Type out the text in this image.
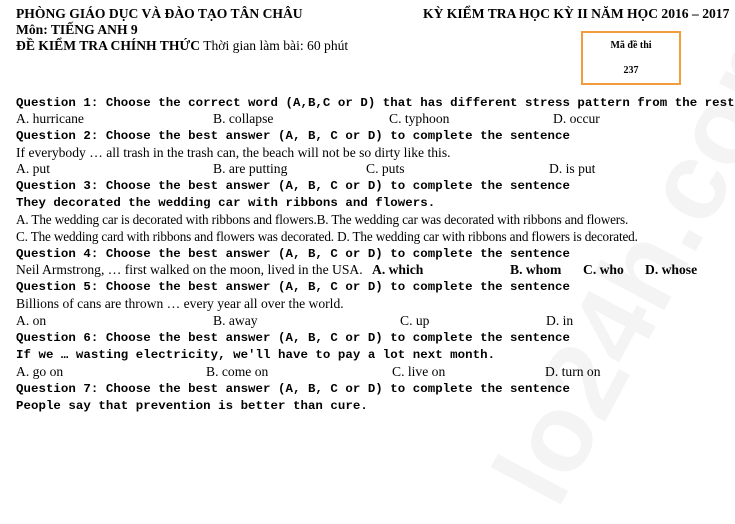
PHÒNG GIÁO DỤC VÀ ĐÀO TẠO TÂN CHÂU	KỲ KIỂM TRA HỌC KỲ II NĂM HỌC 2016 – 2017
Môn: TIẾNG ANH 9
ĐỀ KIỂM TRA CHÍNH THỨC Thời gian làm bài: 60 phút	Mã đề thi
237
Question 1: Choose the correct word (A,B,C or D) that has different stress pattern from the rest
A. hurricane	B. collapse	C. typhoon	D. occur
Question 2: Choose the best answer (A, B, C or D) to complete the sentence
If everybody … all trash in the trash can, the beach will not be so dirty like this.
A. put	B. are putting	C. puts	D. is put
Question 3: Choose the best answer (A, B, C or D) to complete the sentence
They decorated the wedding car with ribbons and flowers.
A. The wedding car is decorated with ribbons and flowers.B. The wedding car was decorated with ribbons and flowers.
C. The wedding card with ribbons and flowers was decorated. D. The wedding car with ribbons and flowers is decorated.
Question 4: Choose the best answer (A, B, C or D) to complete the sentence
Neil Armstrong, … first walked on the moon, lived in the USA. A. which	B. whom C. who D. whose
Question 5: Choose the best answer (A, B, C or D) to complete the sentence
Billions of cans are thrown … every year all over the world.
A. on	B. away	C. up	D. in
Question 6: Choose the best answer (A, B, C or D) to complete the sentence
If we … wasting electricity, we'll have to pay a lot next month.
A. go on	B. come on	C. live on	D. turn on
Question 7: Choose the best answer (A, B, C or D) to complete the sentence
People say that prevention is better than cure.
